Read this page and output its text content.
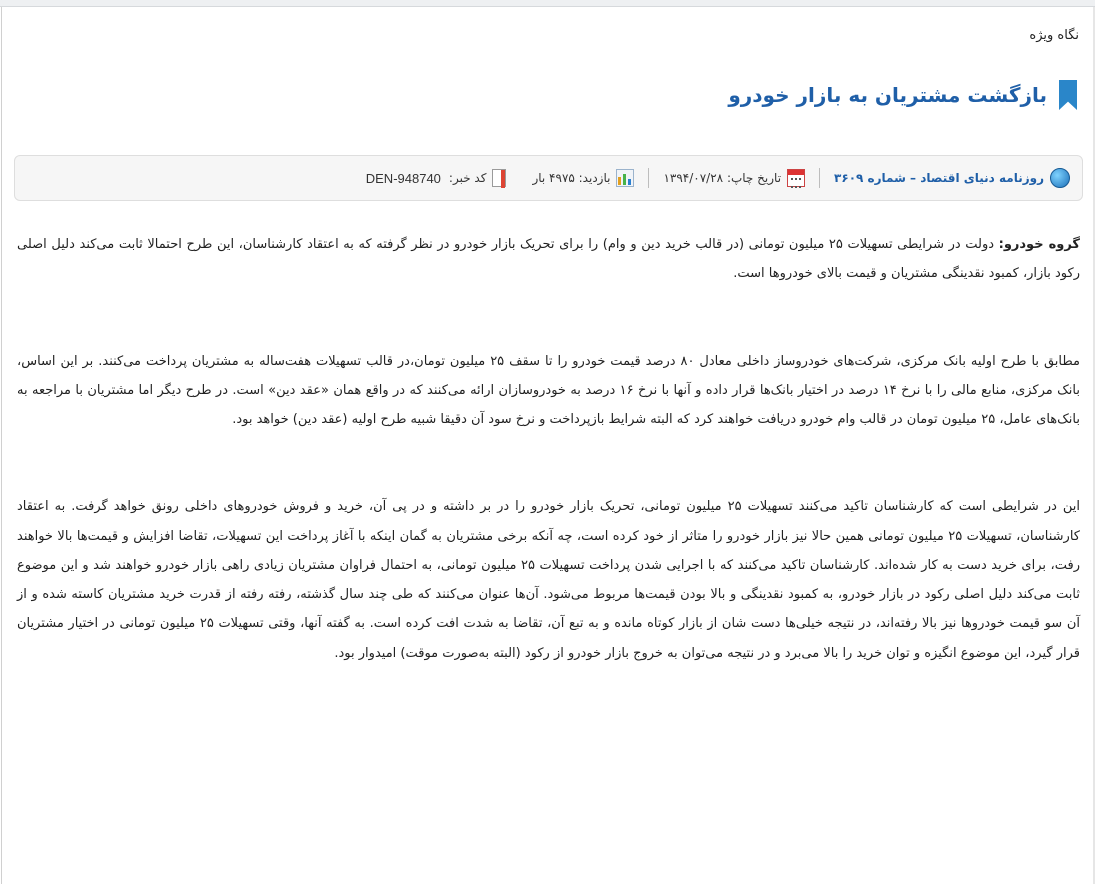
نگاه ویژه
بازگشت مشتریان به بازار خودرو
روزنامه دنیای اقتصاد – شماره ۳۶۰۹
تاریخ چاپ: ۱۳۹۴/۰۷/۲۸
بازدید: ۴۹۷۵ بار
کد خبر:
DEN-948740

گروه خودرو: دولت در شرایطی تسهیلات ۲۵ میلیون تومانی (در قالب خرید دین و وام) را برای تحریک بازار خودرو در نظر گرفته که به اعتقاد کارشناسان، این طرح احتمالا ثابت می‌کند دلیل اصلی رکود بازار، کمبود نقدینگی مشتریان و قیمت بالای خودروها است.

مطابق با طرح اولیه بانک مرکزی، شرکت‌های خودروساز داخلی معادل ۸۰ درصد قیمت خودرو را تا سقف ۲۵ میلیون تومان،در قالب تسهیلات هفت‌ساله به مشتریان پرداخت می‌کنند. بر این اساس، بانک مرکزی، منابع مالی را با نرخ ۱۴ درصد در اختیار بانک‌ها قرار داده و آنها با نرخ ۱۶ درصد به خودروسازان ارائه می‌کنند که در واقع همان «عقد دین» است. در طرح دیگر اما مشتریان با مراجعه به بانک‌های عامل، ۲۵ میلیون تومان در قالب وام خودرو دریافت خواهند کرد که البته شرایط بازپرداخت و نرخ سود آن دقیقا شبیه طرح اولیه (عقد دین) خواهد بود.

این در شرایطی است که کارشناسان تاکید می‌کنند تسهیلات ۲۵ میلیون تومانی، تحریک بازار خودرو را در بر داشته و در پی آن، خرید و فروش خودروهای داخلی رونق خواهد گرفت. به اعتقاد کارشناسان، تسهیلات ۲۵ میلیون تومانی همین حالا نیز بازار خودرو را متاثر از خود کرده است، چه آنکه برخی مشتریان به گمان اینکه با آغاز پرداخت این تسهیلات، تقاضا افزایش و قیمت‌ها بالا خواهند رفت، برای خرید دست به کار شده‌اند. کارشناسان تاکید می‌کنند که با اجرایی شدن پرداخت تسهیلات ۲۵ میلیون تومانی، به احتمال فراوان مشتریان زیادی راهی بازار خودرو خواهند شد و این موضوع ثابت می‌کند دلیل اصلی رکود در بازار خودرو، به کمبود نقدینگی و بالا بودن قیمت‌ها مربوط می‌شود. آن‌ها عنوان می‌کنند که طی چند سال گذشته، رفته رفته از قدرت خرید مشتریان کاسته شده و از آن سو قیمت خودروها نیز بالا رفته‌اند، در نتیجه خیلی‌ها دست شان از بازار کوتاه مانده و به تبع آن، تقاضا به شدت افت کرده است. به گفته آنها، وقتی تسهیلات ۲۵ میلیون تومانی در اختیار مشتریان قرار گیرد، این موضوع انگیزه و توان خرید را بالا می‌برد و در نتیجه می‌توان به خروج بازار خودرو از رکود (البته به‌صورت موقت) امیدوار بود.
